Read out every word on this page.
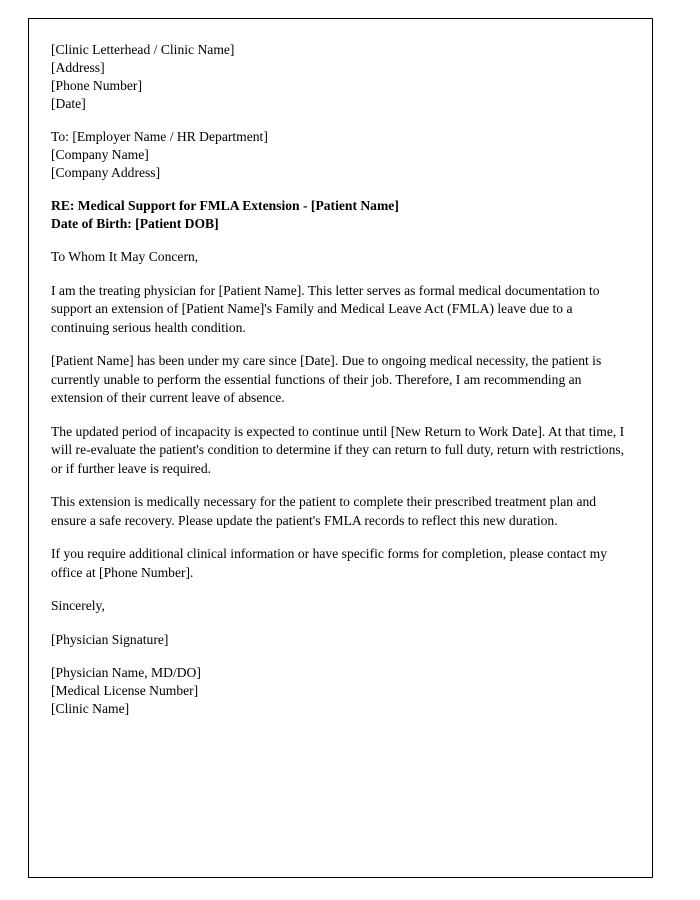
[Clinic Letterhead / Clinic Name]
[Address]
[Phone Number]
[Date]
To: [Employer Name / HR Department]
[Company Name]
[Company Address]
RE: Medical Support for FMLA Extension - [Patient Name]
Date of Birth: [Patient DOB]
To Whom It May Concern,
I am the treating physician for [Patient Name]. This letter serves as formal medical documentation to support an extension of [Patient Name]'s Family and Medical Leave Act (FMLA) leave due to a continuing serious health condition.
[Patient Name] has been under my care since [Date]. Due to ongoing medical necessity, the patient is currently unable to perform the essential functions of their job. Therefore, I am recommending an extension of their current leave of absence.
The updated period of incapacity is expected to continue until [New Return to Work Date]. At that time, I will re-evaluate the patient's condition to determine if they can return to full duty, return with restrictions, or if further leave is required.
This extension is medically necessary for the patient to complete their prescribed treatment plan and ensure a safe recovery. Please update the patient's FMLA records to reflect this new duration.
If you require additional clinical information or have specific forms for completion, please contact my office at [Phone Number].
Sincerely,
[Physician Signature]
[Physician Name, MD/DO]
[Medical License Number]
[Clinic Name]
